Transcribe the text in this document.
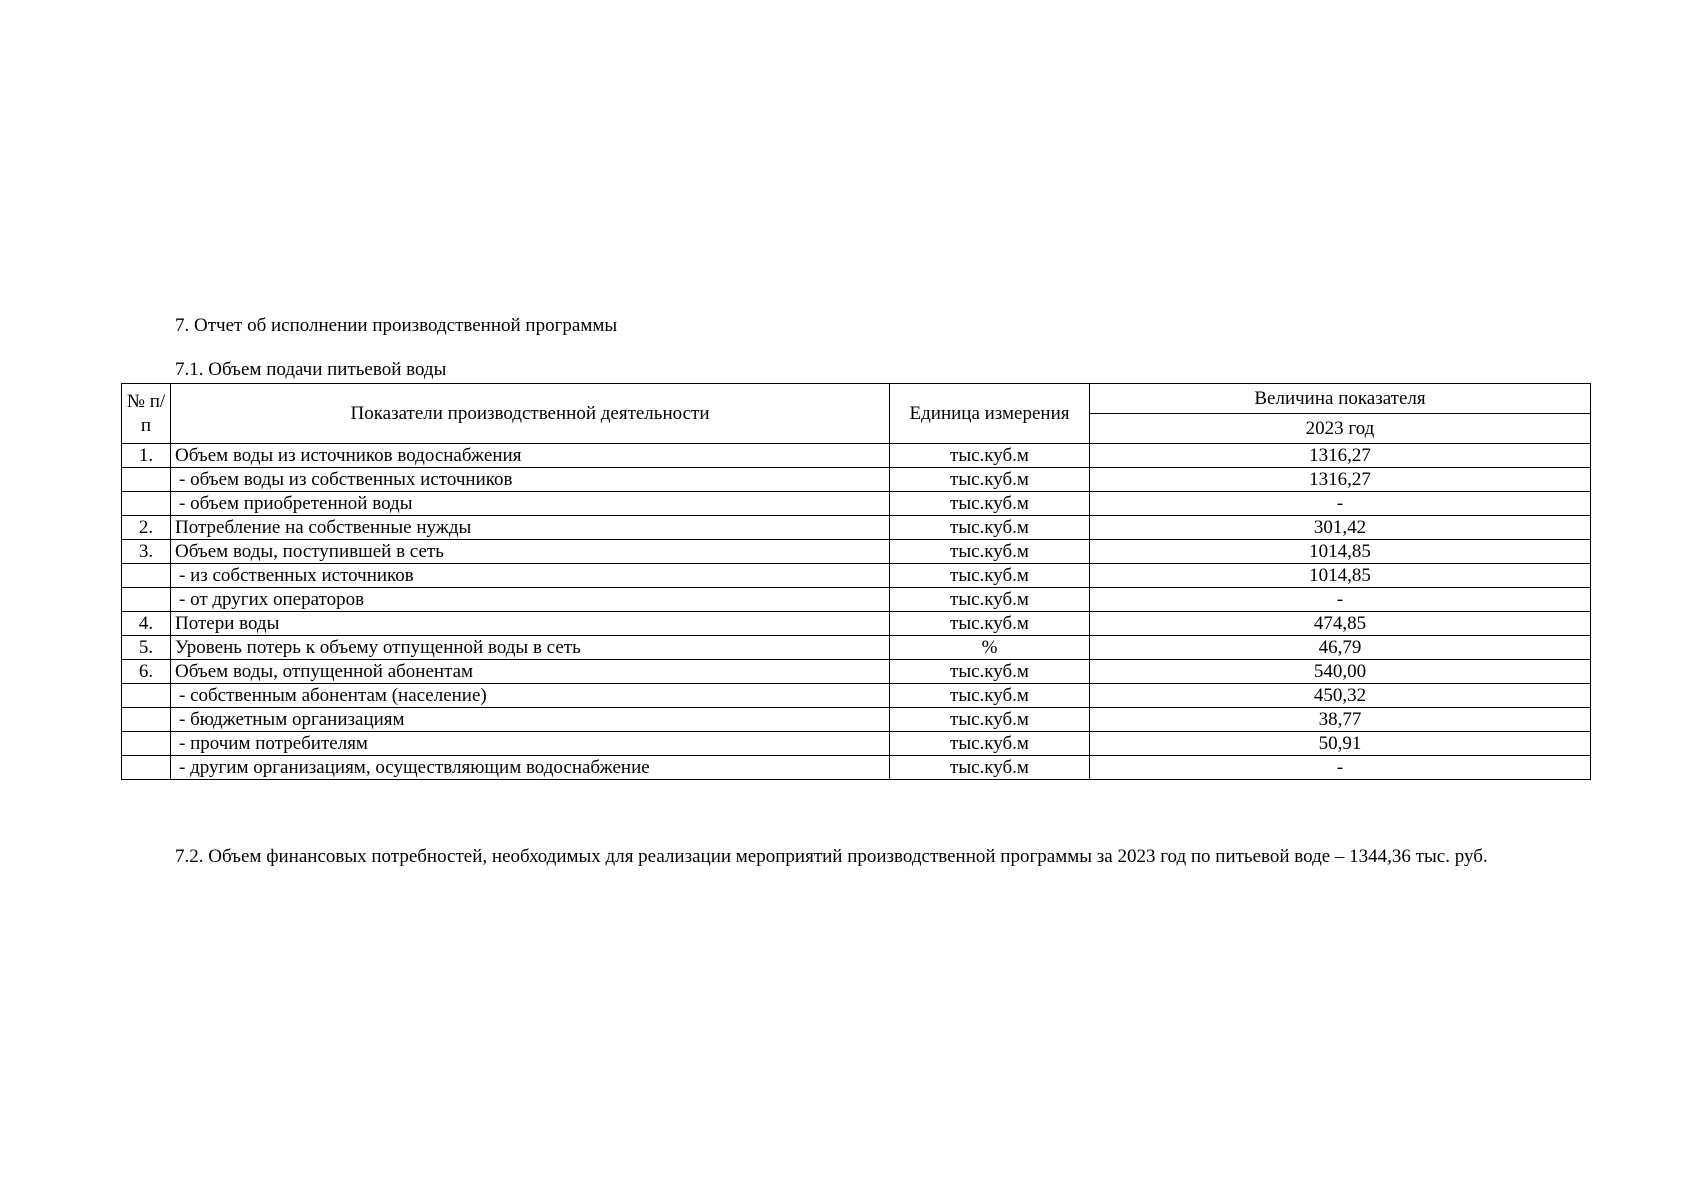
7. Отчет об исполнении производственной программы
7.1. Объем подачи питьевой воды
№ п/п	Показатели производственной деятельности	Единица измерения	Величина показателя
			2023 год
1.	Объем воды из источников водоснабжения	тыс.куб.м	1316,27
	- объем воды из собственных источников	тыс.куб.м	1316,27
	- объем приобретенной воды	тыс.куб.м	-
2.	Потребление на собственные нужды	тыс.куб.м	301,42
3.	Объем воды, поступившей в сеть	тыс.куб.м	1014,85
	- из собственных источников	тыс.куб.м	1014,85
	- от других операторов	тыс.куб.м	-
4.	Потери воды	тыс.куб.м	474,85
5.	Уровень потерь к объему отпущенной воды в сеть	%	46,79
6.	Объем воды, отпущенной абонентам	тыс.куб.м	540,00
	- собственным абонентам (население)	тыс.куб.м	450,32
	- бюджетным организациям	тыс.куб.м	38,77
	- прочим потребителям	тыс.куб.м	50,91
	- другим организациям, осуществляющим водоснабжение	тыс.куб.м	-
7.2. Объем финансовых потребностей, необходимых для реализации мероприятий производственной программы за 2023 год по питьевой воде – 1344,36 тыс. руб.
